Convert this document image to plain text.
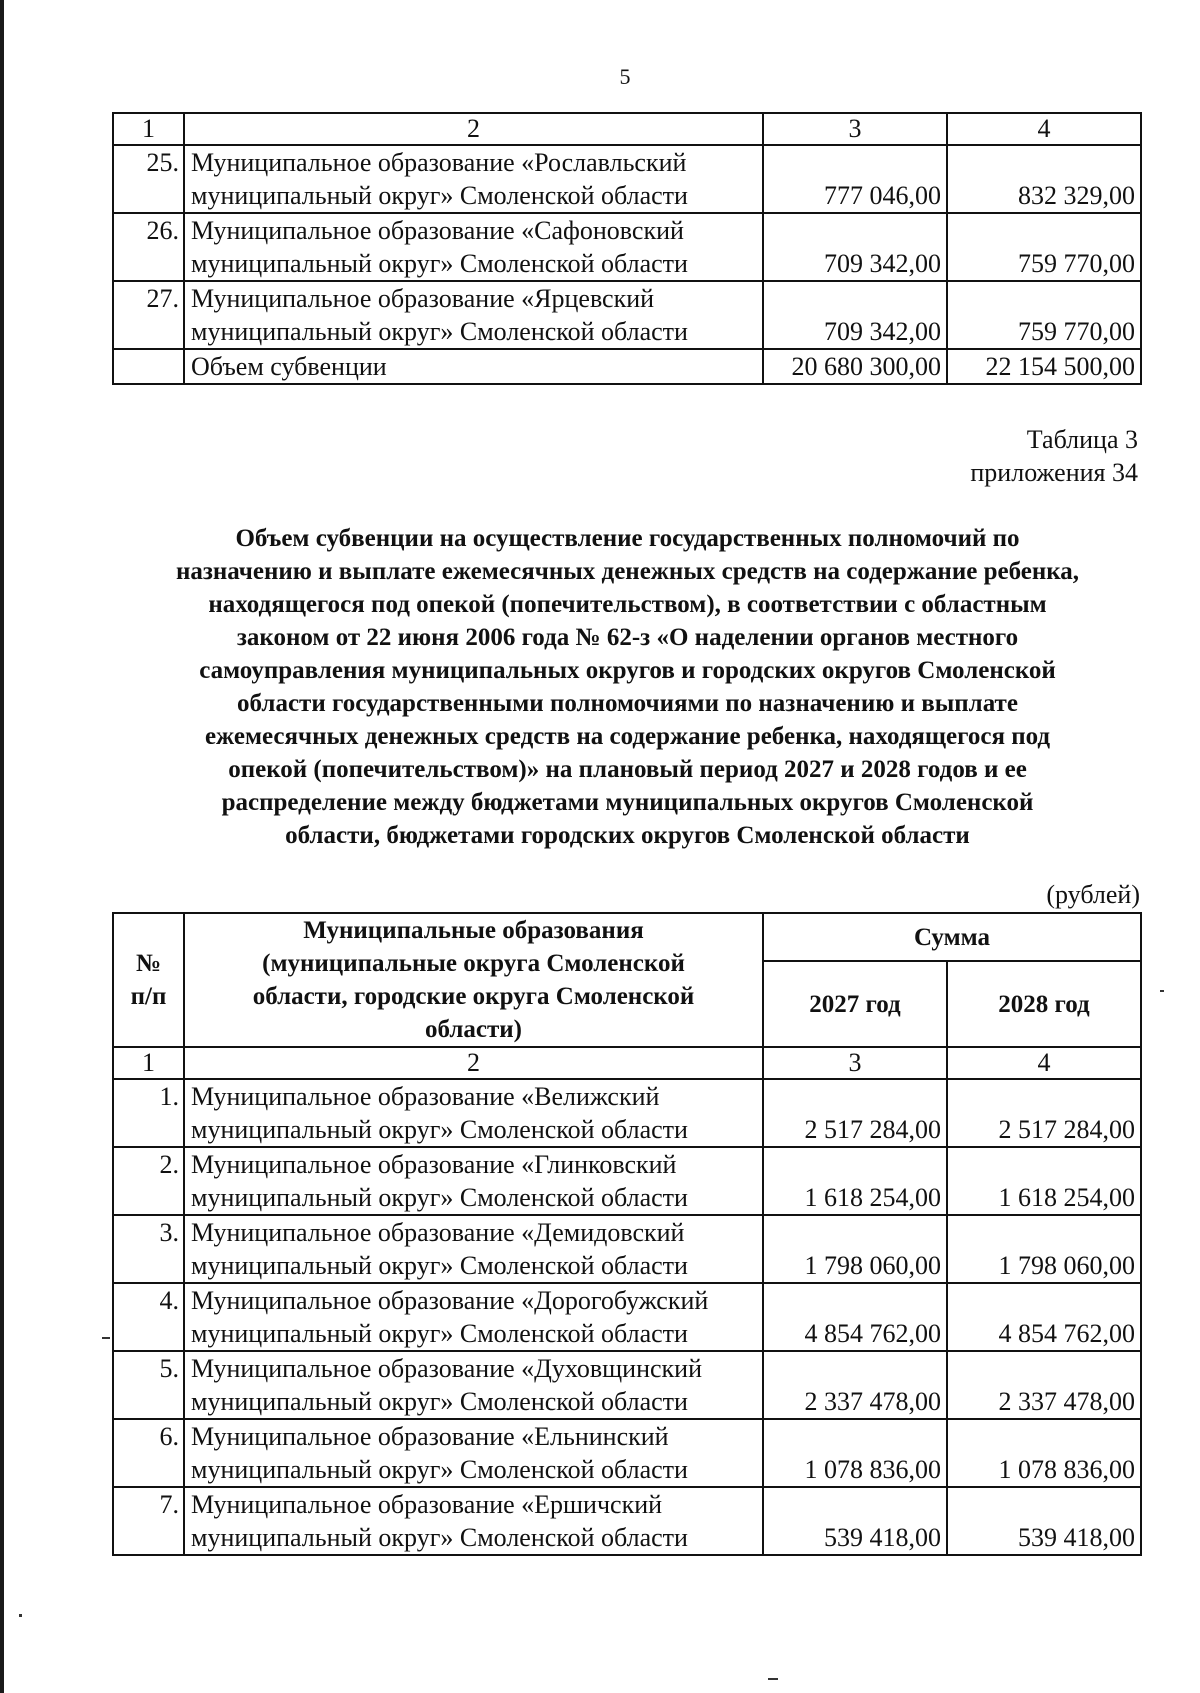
5
1	2	3	4
25.	Муниципальное образование «Рославльский
муниципальный округ» Смоленской области	777 046,00	832 329,00
26.	Муниципальное образование «Сафоновский
муниципальный округ» Смоленской области	709 342,00	759 770,00
27.	Муниципальное образование «Ярцевский
муниципальный округ» Смоленской области	709 342,00	759 770,00
	Объем субвенции	20 680 300,00	22 154 500,00
Таблица 3
приложения 34
Объем субвенции на осуществление государственных полномочий по
назначению и выплате ежемесячных денежных средств на содержание ребенка,
находящегося под опекой (попечительством), в соответствии с областным
законом от 22 июня 2006 года № 62-з «О наделении органов местного
самоуправления муниципальных округов и городских округов Смоленской
области государственными полномочиями по назначению и выплате
ежемесячных денежных средств на содержание ребенка, находящегося под
опекой (попечительством)» на плановый период 2027 и 2028 годов и ее
распределение между бюджетами муниципальных округов Смоленской
области, бюджетами городских округов Смоленской области
(рублей)
№
п/п	Муниципальные образования
(муниципальные округа Смоленской
области, городские округа Смоленской
области)	Сумма	
		2027 год	2028 год
1	2	3	4
1.	Муниципальное образование «Велижский
муниципальный округ» Смоленской области	2 517 284,00	2 517 284,00
2.	Муниципальное образование «Глинковский
муниципальный округ» Смоленской области	1 618 254,00	1 618 254,00
3.	Муниципальное образование «Демидовский
муниципальный округ» Смоленской области	1 798 060,00	1 798 060,00
4.	Муниципальное образование «Дорогобужский
муниципальный округ» Смоленской области	4 854 762,00	4 854 762,00
5.	Муниципальное образование «Духовщинский
муниципальный округ» Смоленской области	2 337 478,00	2 337 478,00
6.	Муниципальное образование «Ельнинский
муниципальный округ» Смоленской области	1 078 836,00	1 078 836,00
7.	Муниципальное образование «Ершичский
муниципальный округ» Смоленской области	539 418,00	539 418,00
